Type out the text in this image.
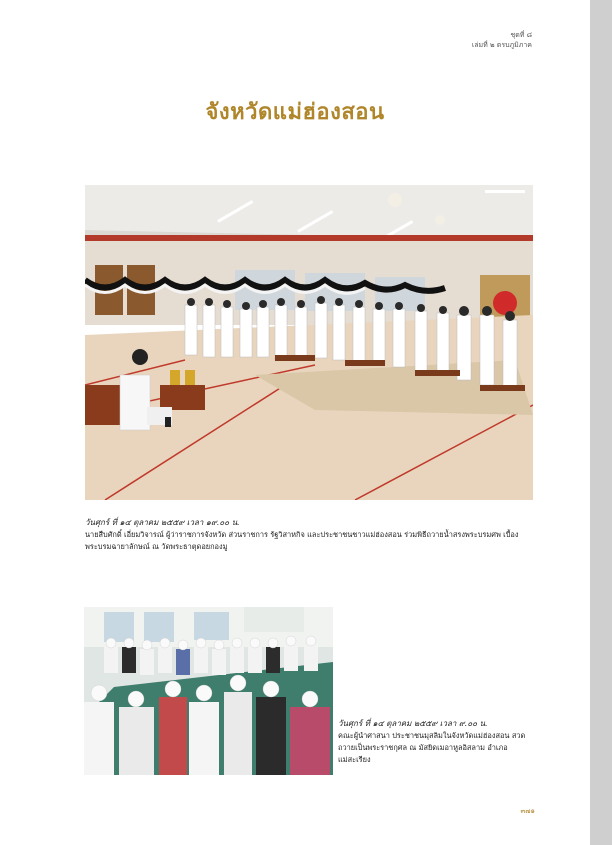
ชุดที่ ๘
เล่มที่ ๒ ตรบภูมิภาค
จังหวัดแม่ฮ่องสอน
วันศุกร์ ที่ ๑๔ ตุลาคม ๒๕๕๙ เวลา ๑๙.๐๐ น.
นายสืบศักดิ์ เอี่ยมวิจารณ์ ผู้ว่าราชการจังหวัด ส่วนราชการ รัฐวิสาหกิจ และประชาชนชาวแม่ฮ่องสอน ร่วมพิธีถวายน้ำสรงพระบรมศพ เบื้องพระบรมฉายาลักษณ์ ณ วัดพระธาตุดอยกองมู
วันศุกร์ ที่ ๑๔ ตุลาคม ๒๕๕๙ เวลา ๙.๐๐ น.
คณะผู้นำศาสนา ประชาชนมุสลิมในจังหวัดแม่ฮ่องสอน สวดถวายเป็นพระราชกุศล ณ มัสยิดเมอาหูลอิสลาม อำเภอแม่สะเรียง
๓๗๑
